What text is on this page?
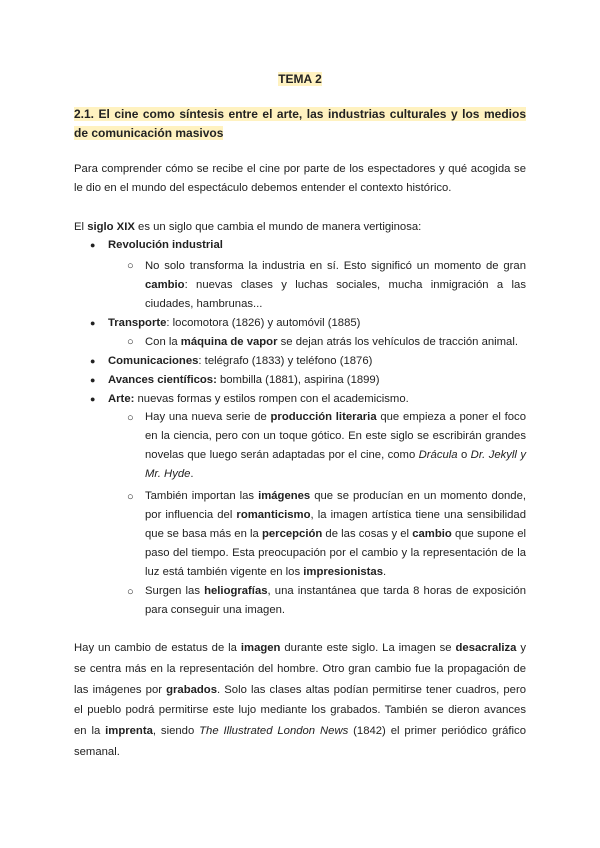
TEMA 2
2.1. El cine como síntesis entre el arte, las industrias culturales y los medios de comunicación masivos
Para comprender cómo se recibe el cine por parte de los espectadores y qué acogida se le dio en el mundo del espectáculo debemos entender el contexto histórico.
El siglo XIX es un siglo que cambia el mundo de manera vertiginosa:
● Revolución industrial
○ No solo transforma la industria en sí. Esto significó un momento de gran cambio: nuevas clases y luchas sociales, mucha inmigración a las ciudades, hambrunas...
● Transporte: locomotora (1826) y automóvil (1885)
○ Con la máquina de vapor se dejan atrás los vehículos de tracción animal.
● Comunicaciones: telégrafo (1833) y teléfono (1876)
● Avances científicos: bombilla (1881), aspirina (1899)
● Arte: nuevas formas y estilos rompen con el academicismo.
○ Hay una nueva serie de producción literaria que empieza a poner el foco en la ciencia, pero con un toque gótico. En este siglo se escribirán grandes novelas que luego serán adaptadas por el cine, como Drácula o Dr. Jekyll y Mr. Hyde.
○ También importan las imágenes que se producían en un momento donde, por influencia del romanticismo, la imagen artística tiene una sensibilidad que se basa más en la percepción de las cosas y el cambio que supone el paso del tiempo. Esta preocupación por el cambio y la representación de la luz está también vigente en los impresionistas.
○ Surgen las heliografías, una instantánea que tarda 8 horas de exposición para conseguir una imagen.
Hay un cambio de estatus de la imagen durante este siglo. La imagen se desacraliza y se centra más en la representación del hombre. Otro gran cambio fue la propagación de las imágenes por grabados. Solo las clases altas podían permitirse tener cuadros, pero el pueblo podrá permitirse este lujo mediante los grabados. También se dieron avances en la imprenta, siendo The Illustrated London News (1842) el primer periódico gráfico semanal.
